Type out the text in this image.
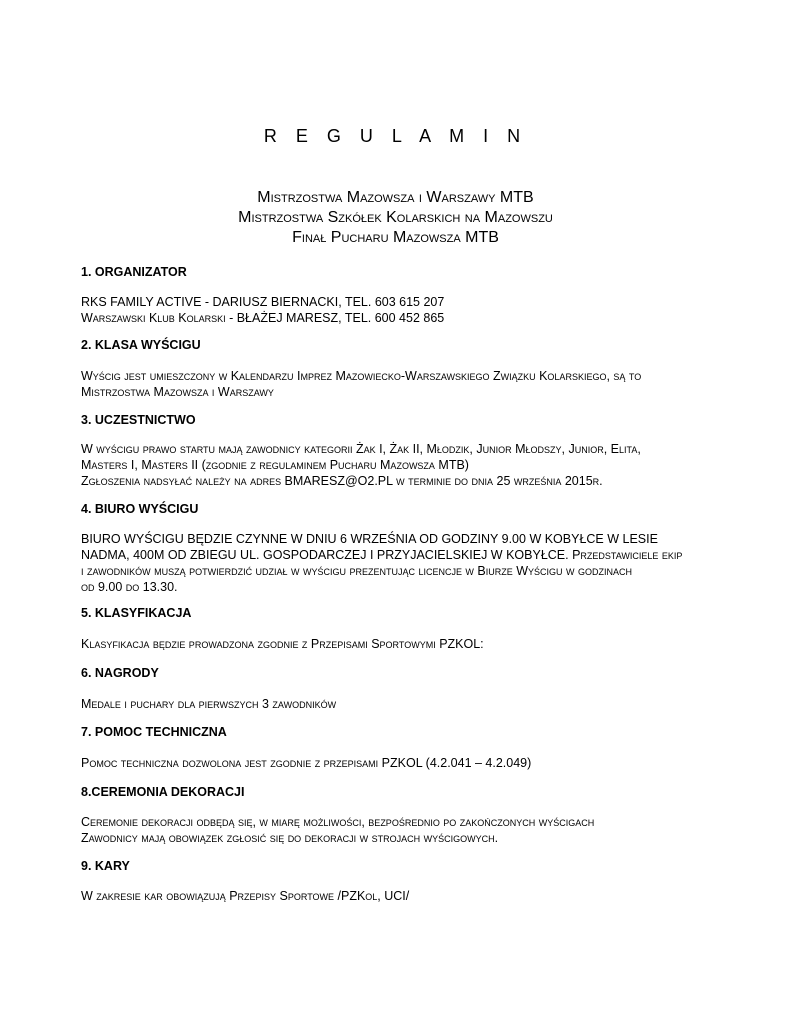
R E G U L A M I N
Mistrzostwa Mazowsza i Warszawy MTB
Mistrzostwa Szkółek Kolarskich na Mazowszu
Finał Pucharu Mazowsza MTB
1. ORGANIZATOR
RKS FAMILY ACTIVE - DARIUSZ BIERNACKI, TEL. 603 615 207
Warszawski Klub Kolarski - BŁAŻEJ MARESZ, TEL. 600 452 865
2. KLASA WYŚCIGU
Wyścig jest umieszczony w Kalendarzu Imprez Mazowiecko-Warszawskiego Związku Kolarskiego, są to
Mistrzostwa Mazowsza i Warszawy
3. UCZESTNICTWO
W wyścigu prawo startu mają zawodnicy kategorii Żak I, Żak II, Młodzik, Junior Młodszy, Junior, Elita,
Masters I, Masters II (zgodnie z regulaminem Pucharu Mazowsza MTB)
Zgłoszenia nadsyłać należy na adres BMARESZ@O2.PL w terminie do dnia 25 września 2015r.
4. BIURO WYŚCIGU
BIURO WYŚCIGU BĘDZIE CZYNNE W DNIU 6 WRZEŚNIA OD GODZINY 9.00 W KOBYŁCE W LESIE
NADMA, 400M OD ZBIEGU UL. GOSPODARCZEJ I PRZYJACIELSKIEJ W KOBYŁCE. Przedstawiciele ekip
i zawodników muszą potwierdzić udział w wyścigu prezentując licencje w Biurze Wyścigu w godzinach
od 9.00 do 13.30.
5. KLASYFIKACJA
Klasyfikacja będzie prowadzona zgodnie z Przepisami Sportowymi PZKOL:
6. NAGRODY
Medale i puchary dla pierwszych 3 zawodników
7. POMOC TECHNICZNA
Pomoc techniczna dozwolona jest zgodnie z przepisami PZKOL (4.2.041 – 4.2.049)
8.CEREMONIA DEKORACJI
Ceremonie dekoracji odbędą się, w miarę możliwości, bezpośrednio po zakończonych wyścigach
Zawodnicy mają obowiązek zgłosić się do dekoracji w strojach wyścigowych.
9. KARY
W zakresie kar obowiązują Przepisy Sportowe /PZKol, UCI/
